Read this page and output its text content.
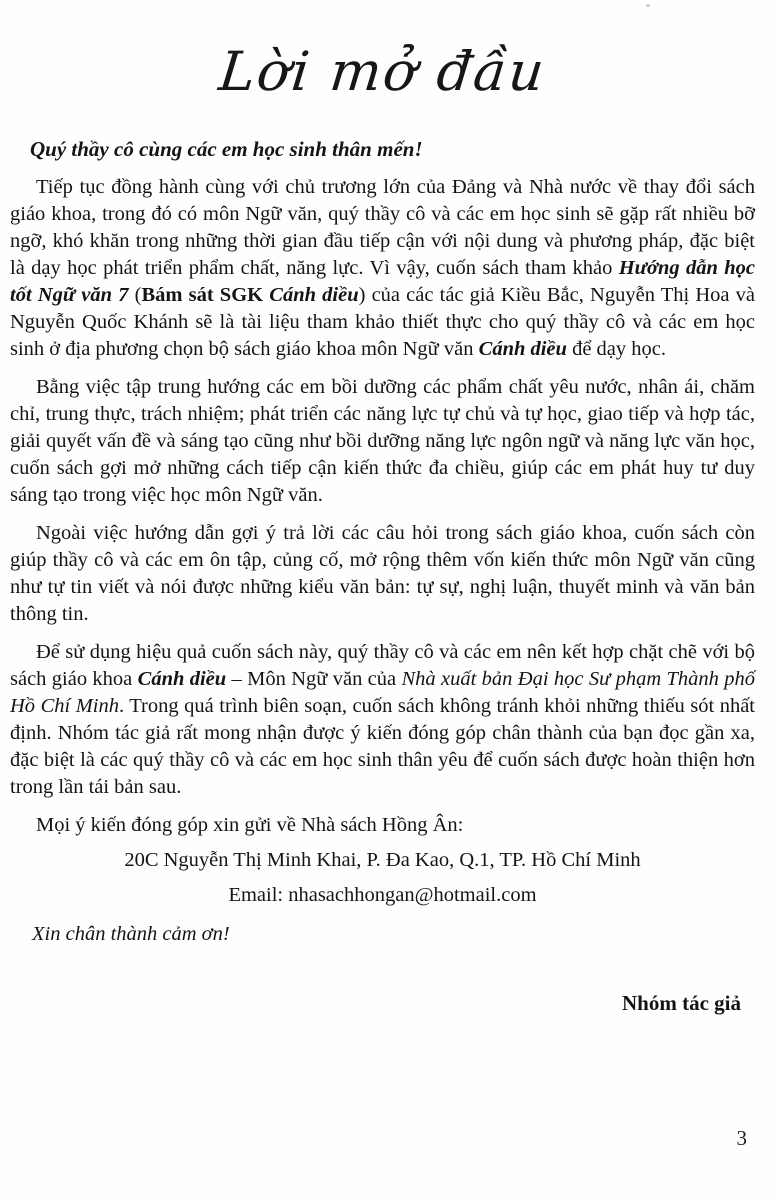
Lời mở đầu
Quý thầy cô cùng các em học sinh thân mến!

Tiếp tục đồng hành cùng với chủ trương lớn của Đảng và Nhà nước về thay đổi sách giáo khoa, trong đó có môn Ngữ văn, quý thầy cô và các em học sinh sẽ gặp rất nhiều bỡ ngỡ, khó khăn trong những thời gian đầu tiếp cận với nội dung và phương pháp, đặc biệt là dạy học phát triển phẩm chất, năng lực. Vì vậy, cuốn sách tham khảo Hướng dẫn học tốt Ngữ văn 7 (Bám sát SGK Cánh diều) của các tác giả Kiều Bắc, Nguyễn Thị Hoa và Nguyễn Quốc Khánh sẽ là tài liệu tham khảo thiết thực cho quý thầy cô và các em học sinh ở địa phương chọn bộ sách giáo khoa môn Ngữ văn Cánh diều để dạy học.

Bằng việc tập trung hướng các em bồi dưỡng các phẩm chất yêu nước, nhân ái, chăm chỉ, trung thực, trách nhiệm; phát triển các năng lực tự chủ và tự học, giao tiếp và hợp tác, giải quyết vấn đề và sáng tạo cũng như bồi dưỡng năng lực ngôn ngữ và năng lực văn học, cuốn sách gợi mở những cách tiếp cận kiến thức đa chiều, giúp các em phát huy tư duy sáng tạo trong việc học môn Ngữ văn.

Ngoài việc hướng dẫn gợi ý trả lời các câu hỏi trong sách giáo khoa, cuốn sách còn giúp thầy cô và các em ôn tập, củng cố, mở rộng thêm vốn kiến thức môn Ngữ văn cũng như tự tin viết và nói được những kiểu văn bản: tự sự, nghị luận, thuyết minh và văn bản thông tin.

Để sử dụng hiệu quả cuốn sách này, quý thầy cô và các em nên kết hợp chặt chẽ với bộ sách giáo khoa Cánh diều – Môn Ngữ văn của Nhà xuất bản Đại học Sư phạm Thành phố Hồ Chí Minh. Trong quá trình biên soạn, cuốn sách không tránh khỏi những thiếu sót nhất định. Nhóm tác giả rất mong nhận được ý kiến đóng góp chân thành của bạn đọc gần xa, đặc biệt là các quý thầy cô và các em học sinh thân yêu để cuốn sách được hoàn thiện hơn trong lần tái bản sau.

Mọi ý kiến đóng góp xin gửi về Nhà sách Hồng Ân:

20C Nguyễn Thị Minh Khai, P. Đa Kao, Q.1, TP. Hồ Chí Minh
Email: nhasachhongan@hotmail.com
Xin chân thành cảm ơn!
Nhóm tác giả
3
